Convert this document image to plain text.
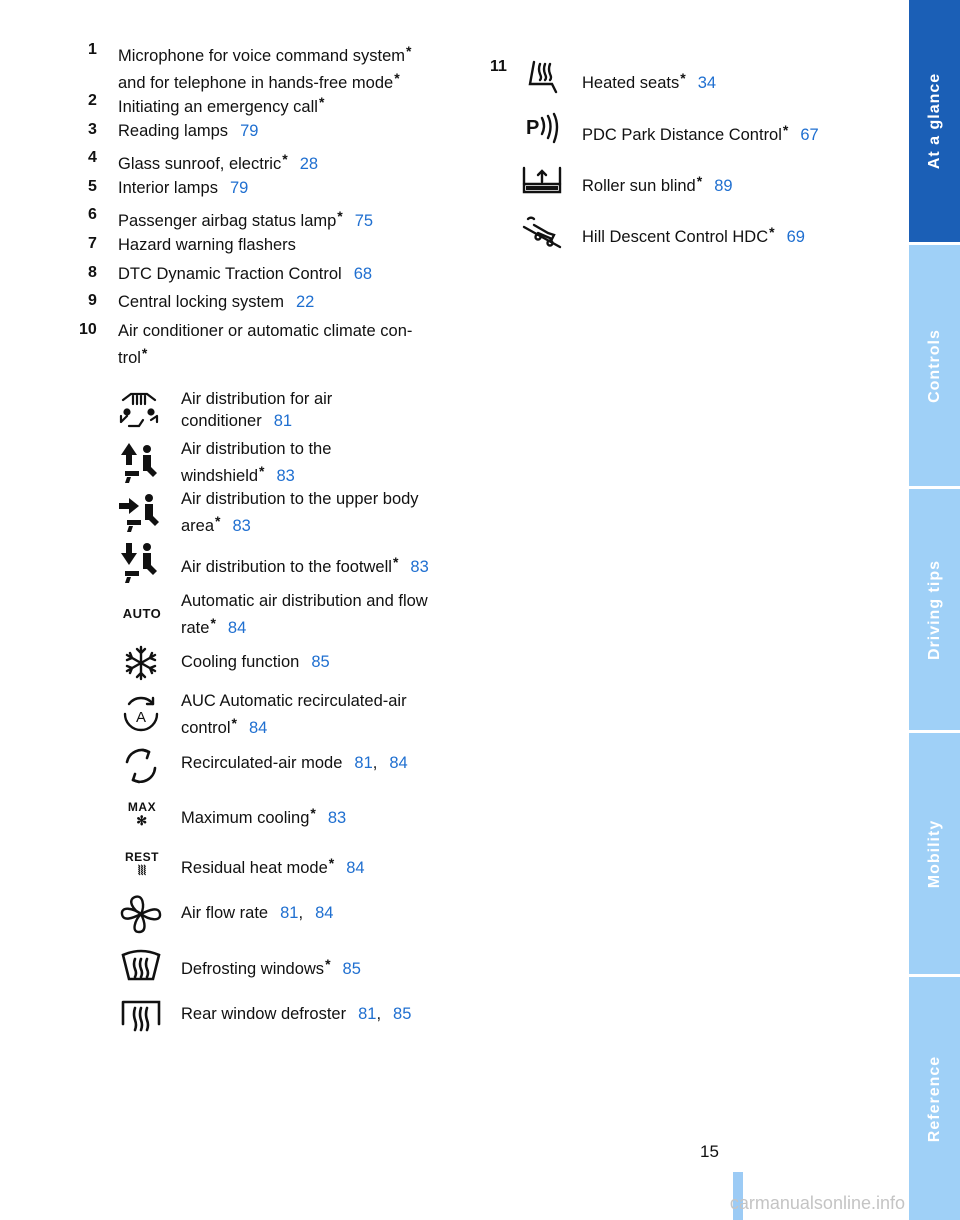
1 Microphone for voice command system*
and for telephone in hands-free mode*
2 Initiating an emergency call*
3 Reading lamps 79
4 Glass sunroof, electric* 28
5 Interior lamps 79
6 Passenger airbag status lamp* 75
7 Hazard warning flashers
8 DTC Dynamic Traction Control 68
9 Central locking system 22
10 Air conditioner or automatic climate con-
trol*
Air distribution for air
conditioner 81
Air distribution to the
windshield* 83
Air distribution to the upper body
area* 83
Air distribution to the footwell* 83
AUTO
Automatic air distribution and flow
rate* 84
Cooling function 85
A
AUC Automatic recirculated-air
control* 84
Recirculated-air mode 81, 84
MAX
✻	Maximum cooling* 83
REST
⦚⦚⦚	Residual heat mode* 84
Air flow rate 81, 84
Defrosting windows* 85
Rear window defroster 81, 85
11
Heated seats* 34
P	PDC Park Distance Control* 67
Roller sun blind* 89
Hill Descent Control HDC* 69
At a glance
Controls
Driving tips
Mobility
Reference
15
carmanualsonline.info
